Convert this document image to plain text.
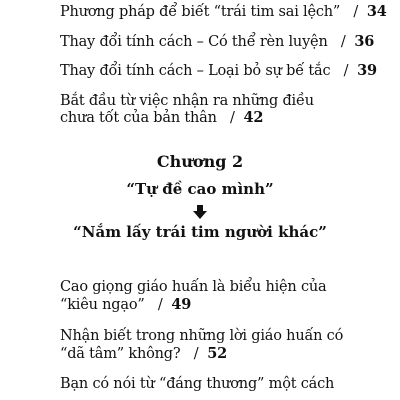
Phương pháp để biết “trái tim sai lệch” / 34
Thay đổi tính cách – Có thể rèn luyện / 36
Thay đổi tính cách – Loại bỏ sự bế tắc / 39
Bắt đầu từ việc nhận ra những điều
chưa tốt của bản thân / 42
Chương 2
“Tự đề cao mình”
“Nắm lấy trái tim người khác”
Cao giọng giáo huấn là biểu hiện của
“kiêu ngạo” / 49
Nhận biết trong những lời giáo huấn có
“dã tâm” không? / 52
Bạn có nói từ “đáng thương” một cách
